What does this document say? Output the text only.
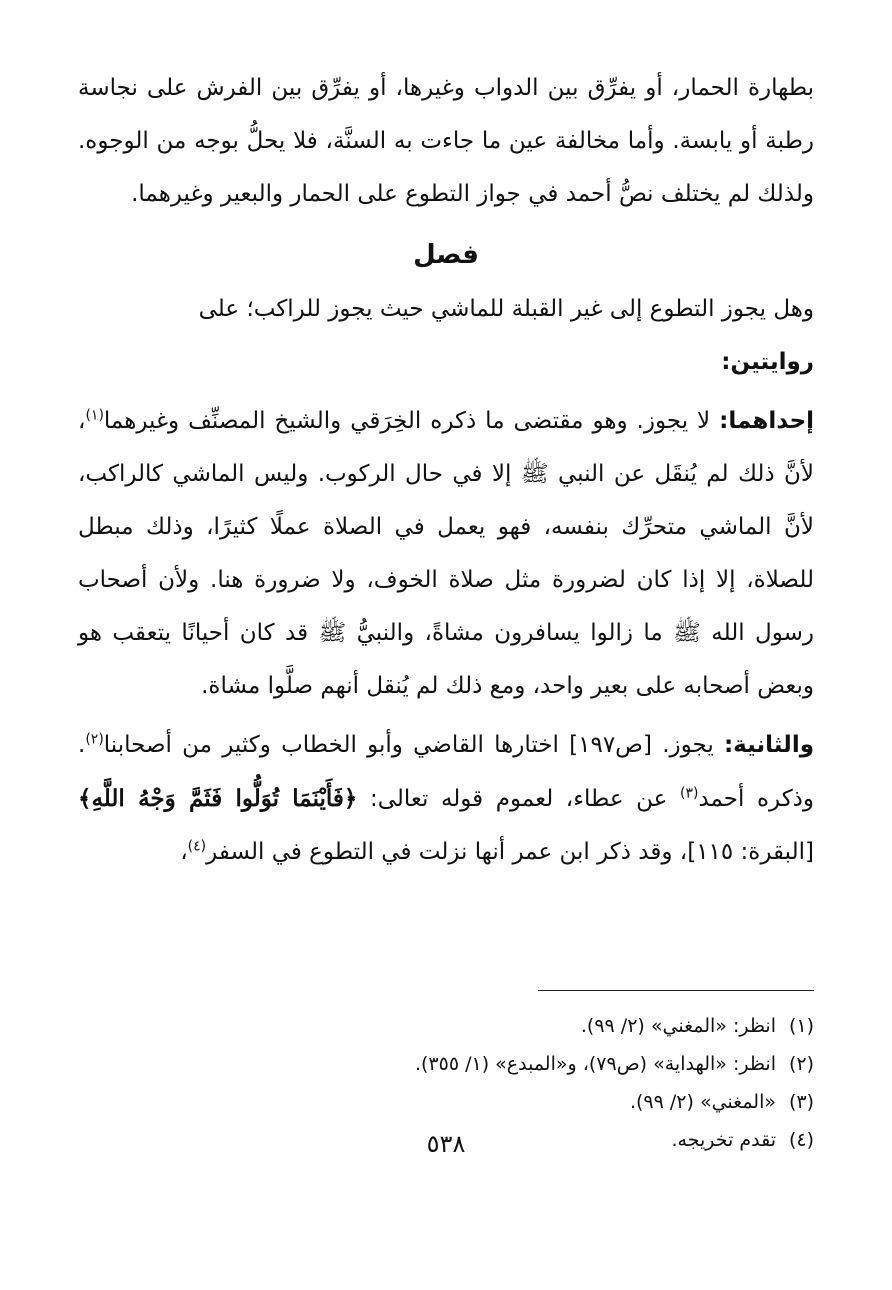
بطهارة الحمار، أو يفرِّق بين الدواب وغيرها، أو يفرِّق بين الفرش على نجاسة رطبة أو يابسة. وأما مخالفة عين ما جاءت به السنَّة، فلا يحلُّ بوجه من الوجوه. ولذلك لم يختلف نصُّ أحمد في جواز التطوع على الحمار والبعير وغيرهما.

فصل

وهل يجوز التطوع إلى غير القبلة للماشي حيث يجوز للراكب؛ على
روايتين:

إحداهما: لا يجوز. وهو مقتضى ما ذكره الخِرَقي والشيخ المصنِّف وغيرهما$^{(١)}$، لأنَّ ذلك لم يُنقَل عن النبي ﷺ إلا في حال الركوب. وليس الماشي كالراكب، لأنَّ الماشي متحرِّك بنفسه، فهو يعمل في الصلاة عملًا كثيرًا، وذلك مبطل للصلاة، إلا إذا كان لضرورة مثل صلاة الخوف، ولا ضرورة هنا. ولأن أصحاب رسول الله ﷺ ما زالوا يسافرون مشاةً، والنبيُّ ﷺ قد كان أحيانًا يتعقب هو وبعض أصحابه على بعير واحد، ومع ذلك لم يُنقل أنهم صلَّوا مشاة.

والثانية: يجوز. [ص١٩٧] اختارها القاضي وأبو الخطاب وكثير من أصحابنا$^{(٢)}$. وذكره أحمد$^{(٣)}$ عن عطاء، لعموم قوله تعالى: ﴿فَأَيْنَمَا تُوَلُّوا فَثَمَّ وَجْهُ اللَّهِ﴾ [البقرة: ١١٥]، وقد ذكر ابن عمر أنها نزلت في التطوع في السفر$^{(٤)}$،

(١)
انظر: «المغني» (٢/ ٩٩).
(٢)
انظر: «الهداية» (ص٧٩)، و«المبدع» (١/ ٣٥٥).
(٣)
«المغني» (٢/ ٩٩).
(٤)
تقدم تخريجه.
٥٣٨
